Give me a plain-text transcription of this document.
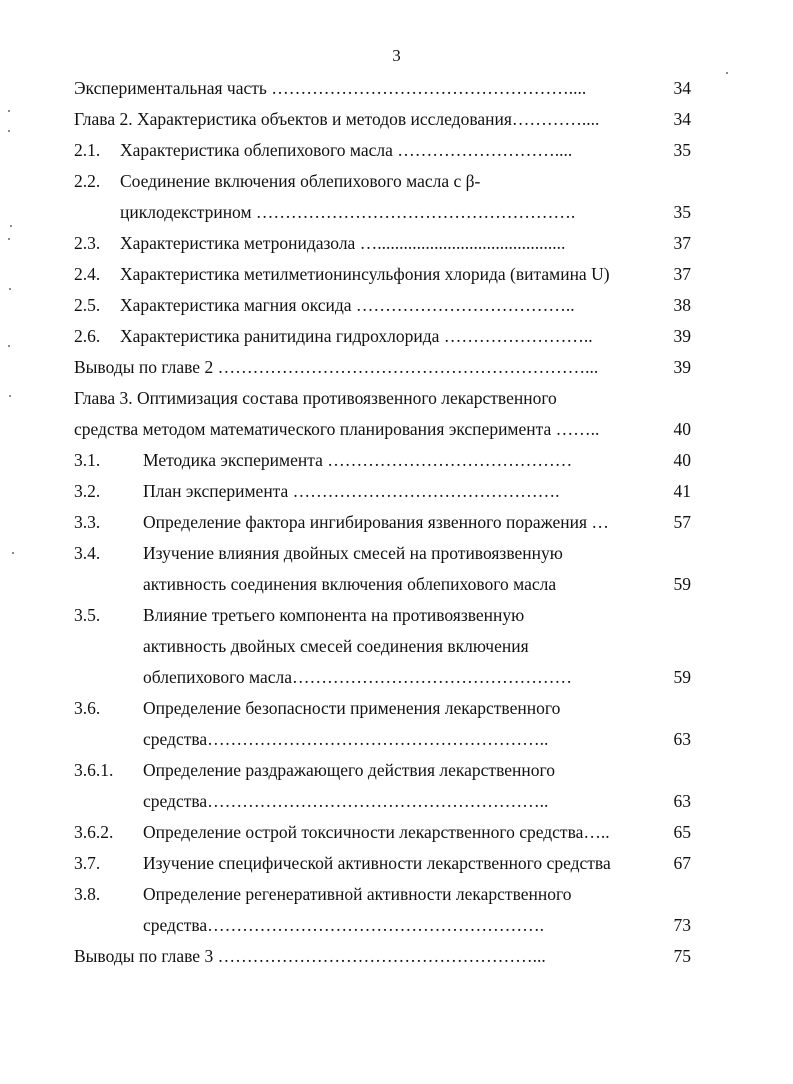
3
Экспериментальная часть ……………………………………………....	34
Глава 2. Характеристика объектов и методов исследования…………....	34
2.1. Характеристика облепихового масла ………………………....	35
2.2. Соединение включения облепихового масла с β-
циклодекстрином ……………………………………………….	35
2.3. Характеристика метронидазола …...........................................	37
2.4. Характеристика метилметионинсульфония хлорида (витамина U)	37
2.5. Характеристика магния оксида ………………………………..	38
2.6. Характеристика ранитидина гидрохлорида ……………………..	39
Выводы по главе 2 ………………………………………………………...	39
Глава 3. Оптимизация состава противоязвенного лекарственного
средства методом математического планирования эксперимента ……..	40
3.1. Методика эксперимента ……………………………………	40
3.2. План эксперимента ……………………………………….	41
3.3. Определение фактора ингибирования язвенного поражения …	57
3.4. Изучение влияния двойных смесей на противоязвенную
активность соединения включения облепихового масла	59
3.5. Влияние третьего компонента на противоязвенную
активность двойных смесей соединения включения
облепихового масла…………………………………………	59
3.6. Определение безопасности применения лекарственного
средства…………………………………………………..	63
3.6.1. Определение раздражающего действия лекарственного
средства…………………………………………………..	63
3.6.2. Определение острой токсичности лекарственного средства…..	65
3.7. Изучение специфической активности лекарственного средства	67
3.8. Определение регенеративной активности лекарственного
средства………………………………………………….	73
Выводы по главе 3 ………………………………………………...	75
